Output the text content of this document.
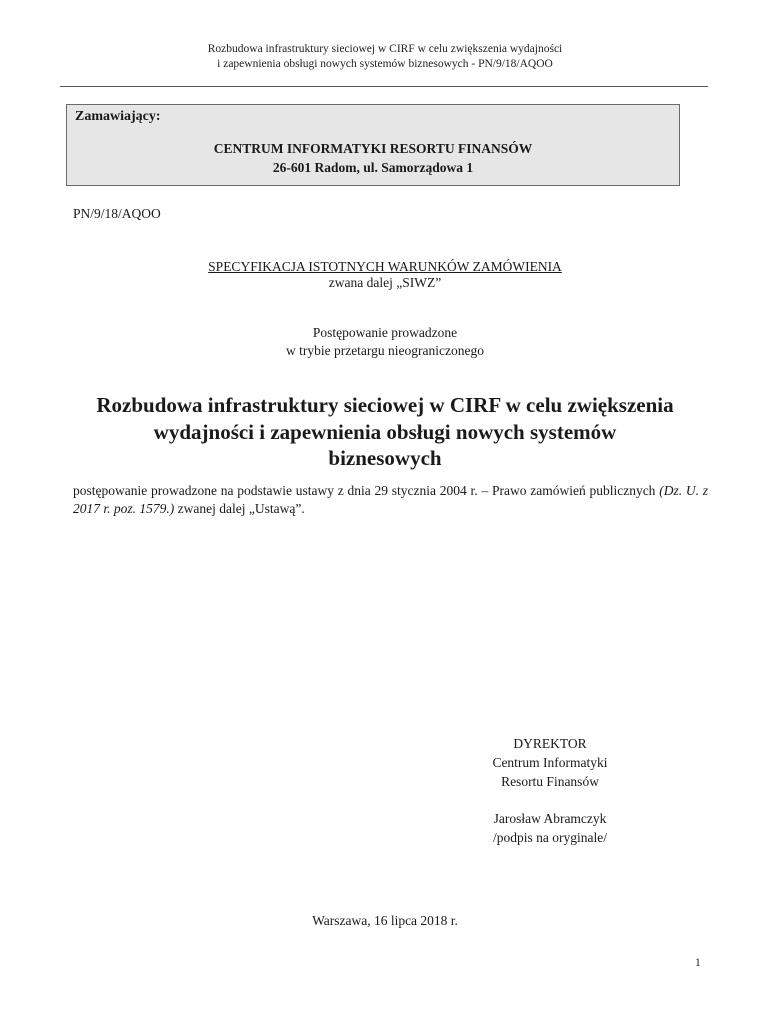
Rozbudowa infrastruktury sieciowej w CIRF w celu zwiększenia wydajności
i zapewnienia obsługi nowych systemów biznesowych - PN/9/18/AQOO
Zamawiający:
CENTRUM INFORMATYKI RESORTU FINANSÓW
26-601 Radom, ul. Samorządowa 1
PN/9/18/AQOO
SPECYFIKACJA ISTOTNYCH WARUNKÓW ZAMÓWIENIA
zwana dalej „SIWZ”
Postępowanie prowadzone
w trybie przetargu nieograniczonego
Rozbudowa infrastruktury sieciowej w CIRF w celu zwiększenia wydajności i zapewnienia obsługi nowych systemów biznesowych
postępowanie prowadzone na podstawie ustawy z dnia 29 stycznia 2004 r. – Prawo zamówień publicznych (Dz. U. z 2017 r. poz. 1579.) zwanej dalej „Ustawą”.
DYREKTOR
Centrum Informatyki
Resortu Finansów
Jarosław Abramczyk
/podpis na oryginale/
Warszawa, 16 lipca 2018 r.
1
